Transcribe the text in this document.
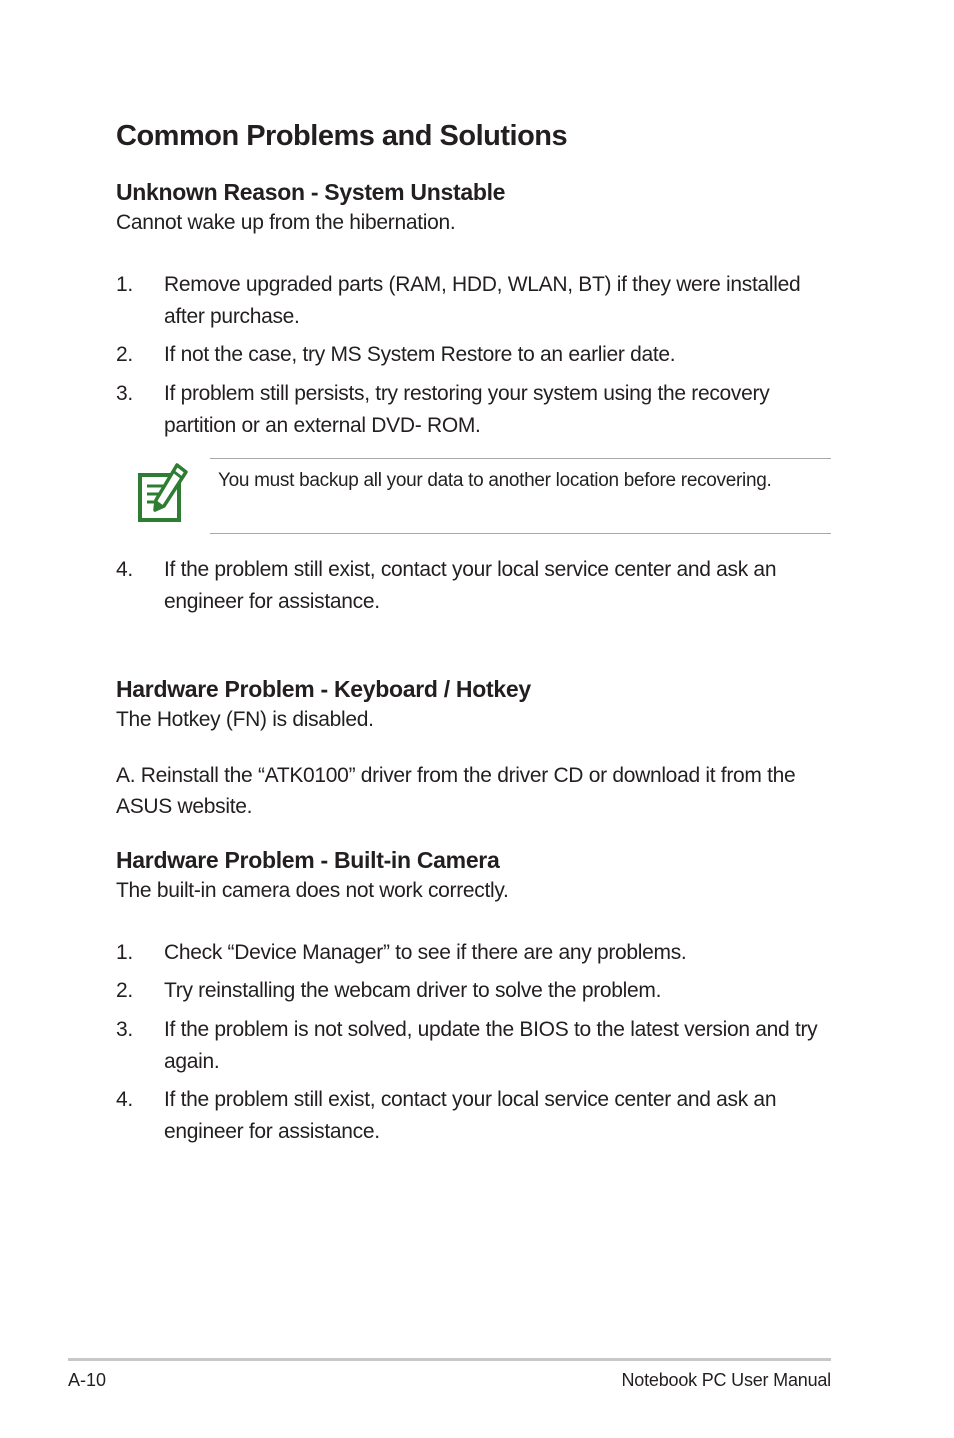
Common Problems and Solutions
Unknown Reason - System Unstable

Cannot wake up from the hibernation.

1. Remove upgraded parts (RAM, HDD, WLAN, BT) if they were installed after purchase.
2. If not the case, try MS System Restore to an earlier date.
3. If problem still persists, try restoring your system using the recovery partition or an external DVD- ROM.
You must backup all your data to another location before recovering.
4. If the problem still exist, contact your local service center and ask an engineer for assistance.
Hardware Problem - Keyboard / Hotkey

The Hotkey (FN) is disabled.

A. Reinstall the “ATK0100” driver from the driver CD or download it from the ASUS website.

Hardware Problem - Built-in Camera

The built-in camera does not work correctly.

1. Check “Device Manager” to see if there are any problems.
2. Try reinstalling the webcam driver to solve the problem.
3. If the problem is not solved, update the BIOS to the latest version and try again.
4. If the problem still exist, contact your local service center and ask an engineer for assistance.
A-10	Notebook PC User Manual
